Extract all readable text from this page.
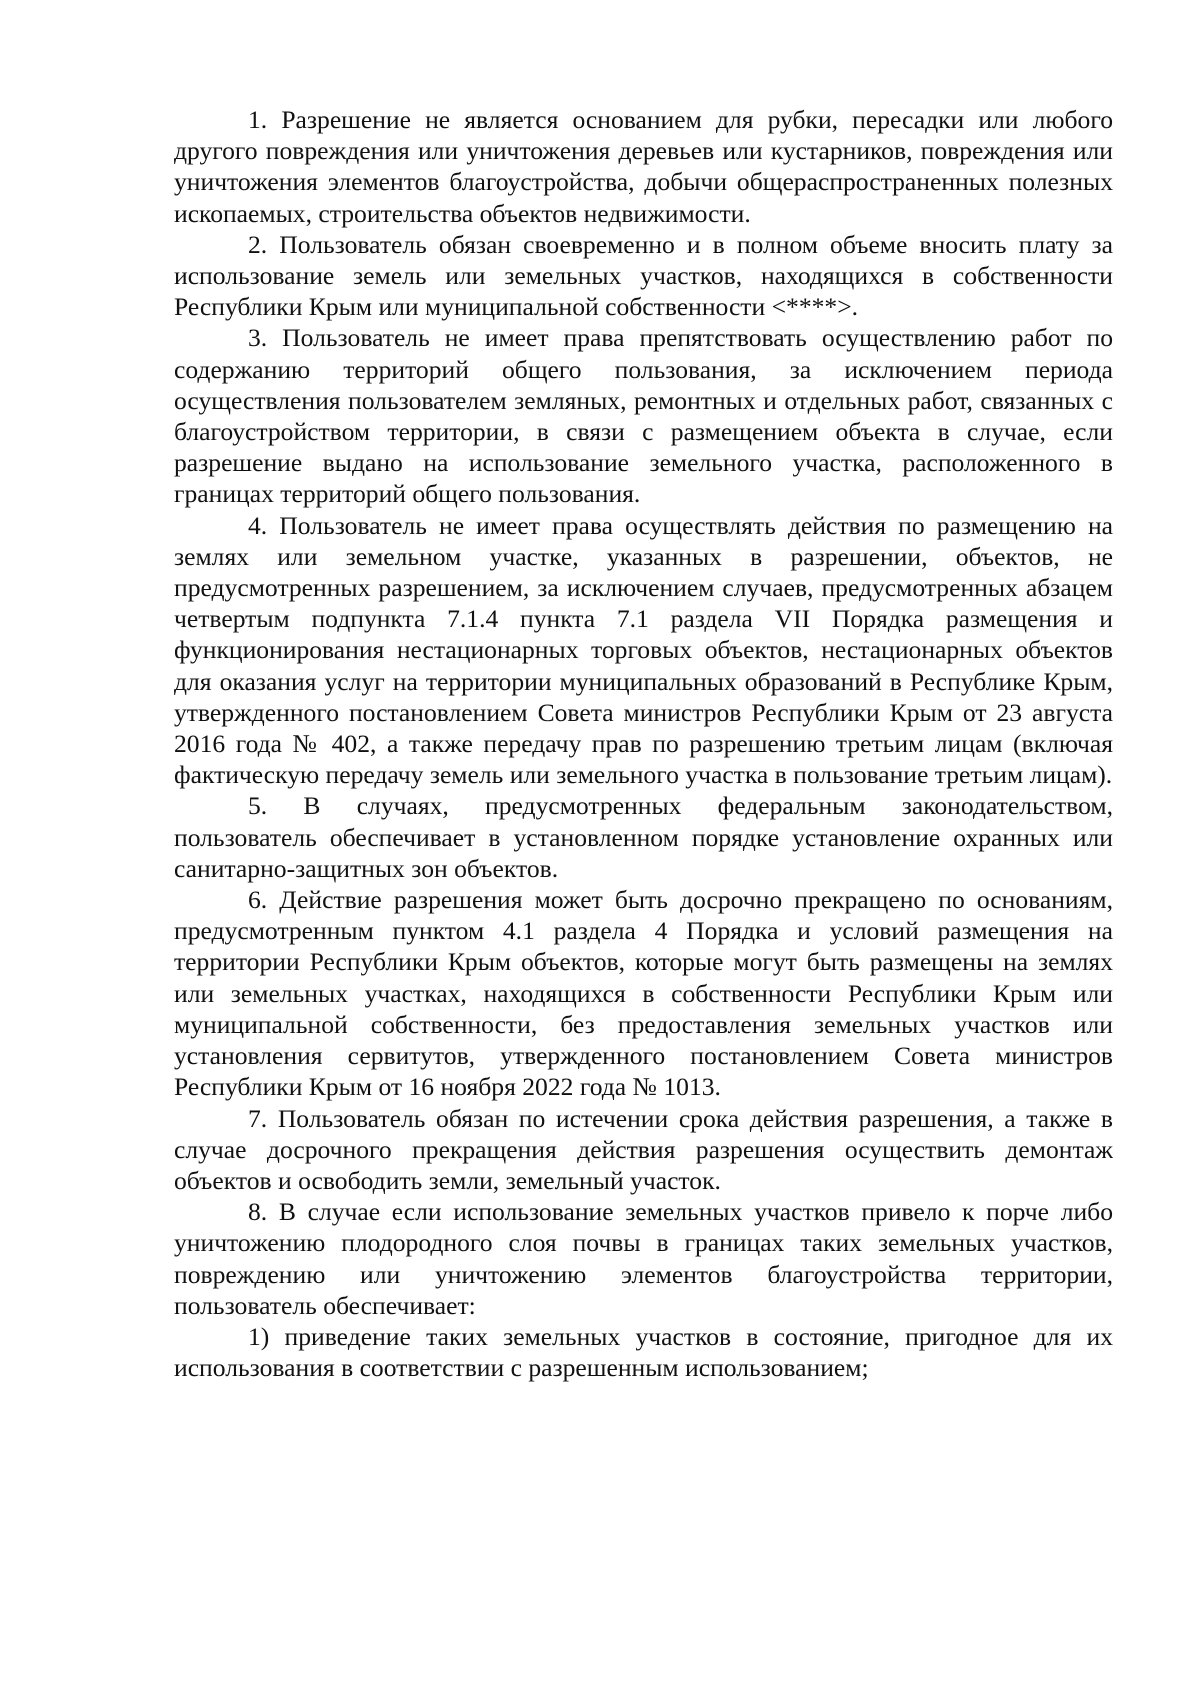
1. Разрешение не является основанием для рубки, пересадки или любого другого повреждения или уничтожения деревьев или кустарников, повреждения или уничтожения элементов благоустройства, добычи общераспространенных полезных ископаемых, строительства объектов недвижимости.

2. Пользователь обязан своевременно и в полном объеме вносить плату за использование земель или земельных участков, находящихся в собственности Республики Крым или муниципальной собственности <****>.

3. Пользователь не имеет права препятствовать осуществлению работ по содержанию территорий общего пользования, за исключением периода осуществления пользователем земляных, ремонтных и отдельных работ, связанных с благоустройством территории, в связи с размещением объекта в случае, если разрешение выдано на использование земельного участка, расположенного в границах территорий общего пользования.

4. Пользователь не имеет права осуществлять действия по размещению на землях или земельном участке, указанных в разрешении, объектов, не предусмотренных разрешением, за исключением случаев, предусмотренных абзацем четвертым подпункта 7.1.4 пункта 7.1 раздела VII Порядка размещения и функционирования нестационарных торговых объектов, нестационарных объектов для оказания услуг на территории муниципальных образований в Республике Крым, утвержденного постановлением Совета министров Республики Крым от 23 августа 2016 года № 402, а также передачу прав по разрешению третьим лицам (включая фактическую передачу земель или земельного участка в пользование третьим лицам).

5. В случаях, предусмотренных федеральным законодательством, пользователь обеспечивает в установленном порядке установление охранных или санитарно-защитных зон объектов.

6. Действие разрешения может быть досрочно прекращено по основаниям, предусмотренным пунктом 4.1 раздела 4 Порядка и условий размещения на территории Республики Крым объектов, которые могут быть размещены на землях или земельных участках, находящихся в собственности Республики Крым или муниципальной собственности, без предоставления земельных участков или установления сервитутов, утвержденного постановлением Совета министров Республики Крым от 16 ноября 2022 года № 1013.

7. Пользователь обязан по истечении срока действия разрешения, а также в случае досрочного прекращения действия разрешения осуществить демонтаж объектов и освободить земли, земельный участок.

8. В случае если использование земельных участков привело к порче либо уничтожению плодородного слоя почвы в границах таких земельных участков, повреждению или уничтожению элементов благоустройства территории, пользователь обеспечивает:

1) приведение таких земельных участков в состояние, пригодное для их использования в соответствии с разрешенным использованием;
